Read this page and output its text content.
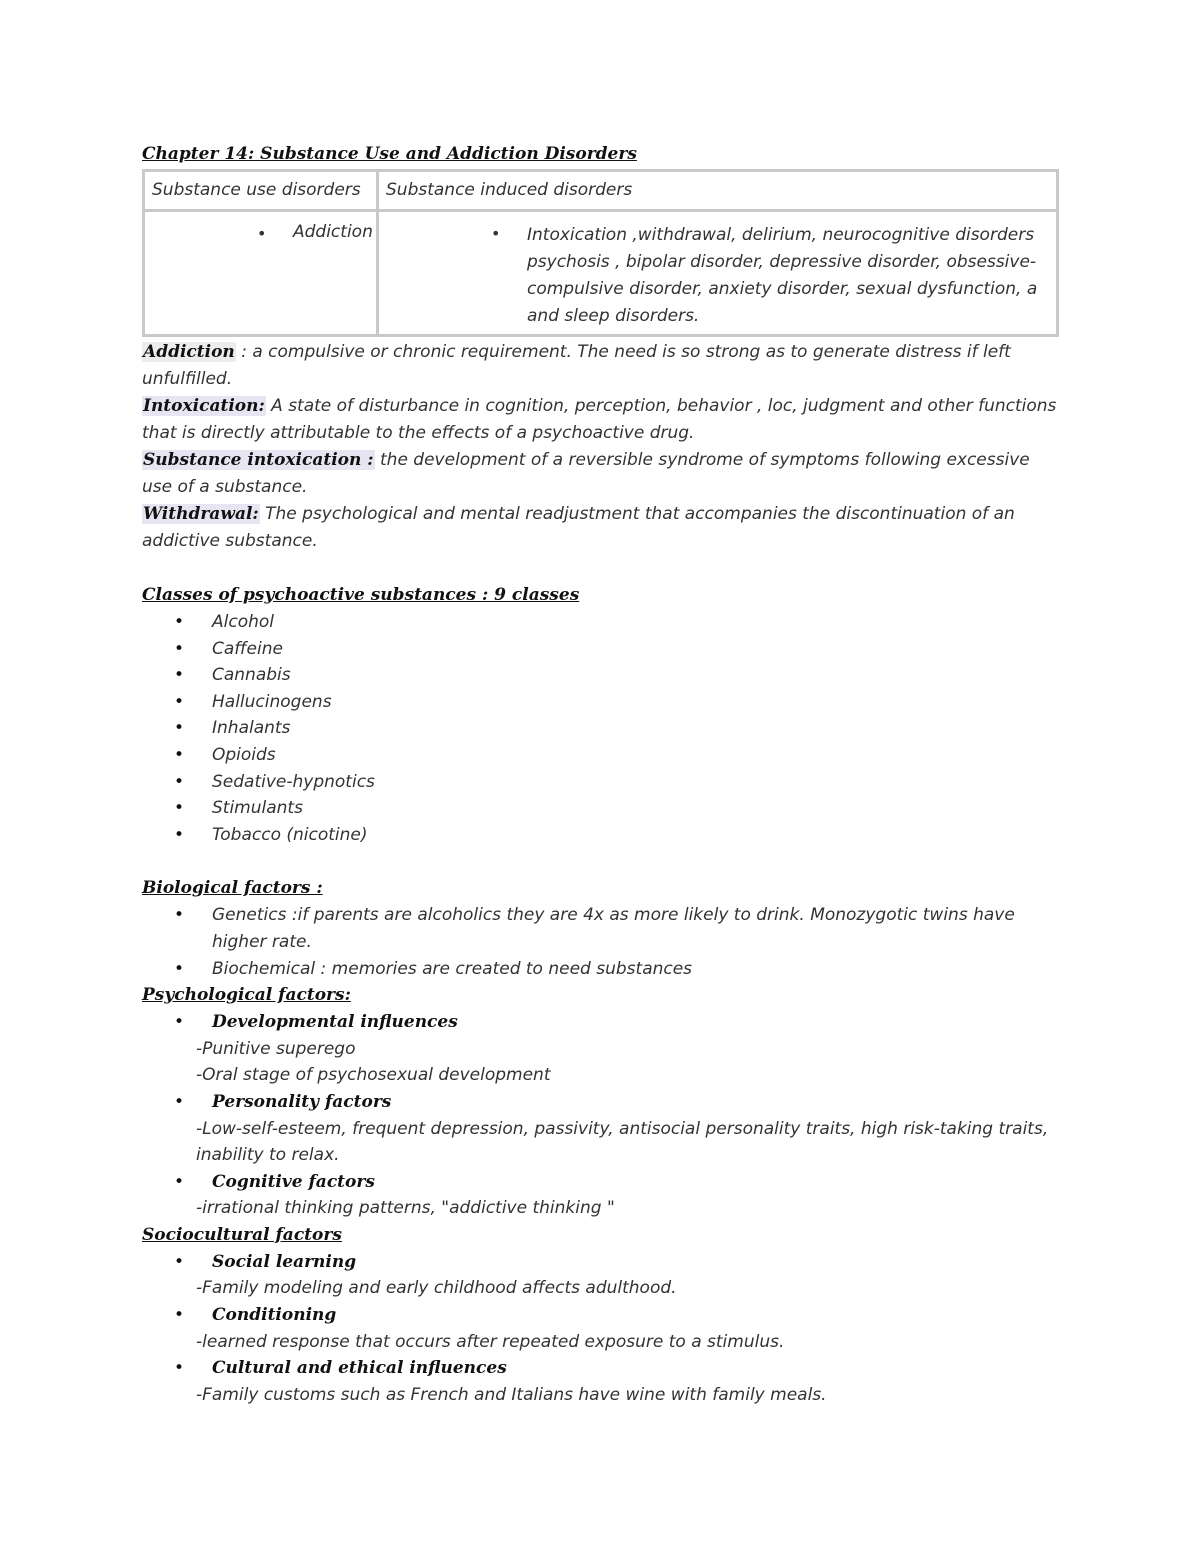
Chapter 14: Substance Use and Addiction Disorders

Substance use disorders	Substance induced disorders

• Addiction	• Intoxication ,withdrawal, delirium, neurocognitive disorders psychosis , bipolar disorder, depressive disorder, obsessive-compulsive disorder, anxiety disorder, sexual dysfunction, a and sleep disorders.

Addiction : a compulsive or chronic requirement. The need is so strong as to generate distress if left unfulfilled.

Intoxication: A state of disturbance in cognition, perception, behavior , loc, judgment and other functions that is directly attributable to the effects of a psychoactive drug.

Substance intoxication : the development of a reversible syndrome of symptoms following excessive use of a substance.

Withdrawal: The psychological and mental readjustment that accompanies the discontinuation of an addictive substance.

Classes of psychoactive substances : 9 classes

• Alcohol
• Caffeine
• Cannabis
• Hallucinogens
• Inhalants
• Opioids
• Sedative-hypnotics
• Stimulants
• Tobacco (nicotine)

Biological factors :

• Genetics :if parents are alcoholics they are 4x as more likely to drink. Monozygotic twins have higher rate.
• Biochemical : memories are created to need substances

Psychological factors:

• Developmental influences

-Punitive superego

-Oral stage of psychosexual development

• Personality factors

-Low-self-esteem, frequent depression, passivity, antisocial personality traits, high risk-taking traits, inability to relax.

• Cognitive factors

-irrational thinking patterns, "addictive thinking "

Sociocultural factors

• Social learning

-Family modeling and early childhood affects adulthood.

• Conditioning

-learned response that occurs after repeated exposure to a stimulus.

• Cultural and ethical influences

-Family customs such as French and Italians have wine with family meals.
